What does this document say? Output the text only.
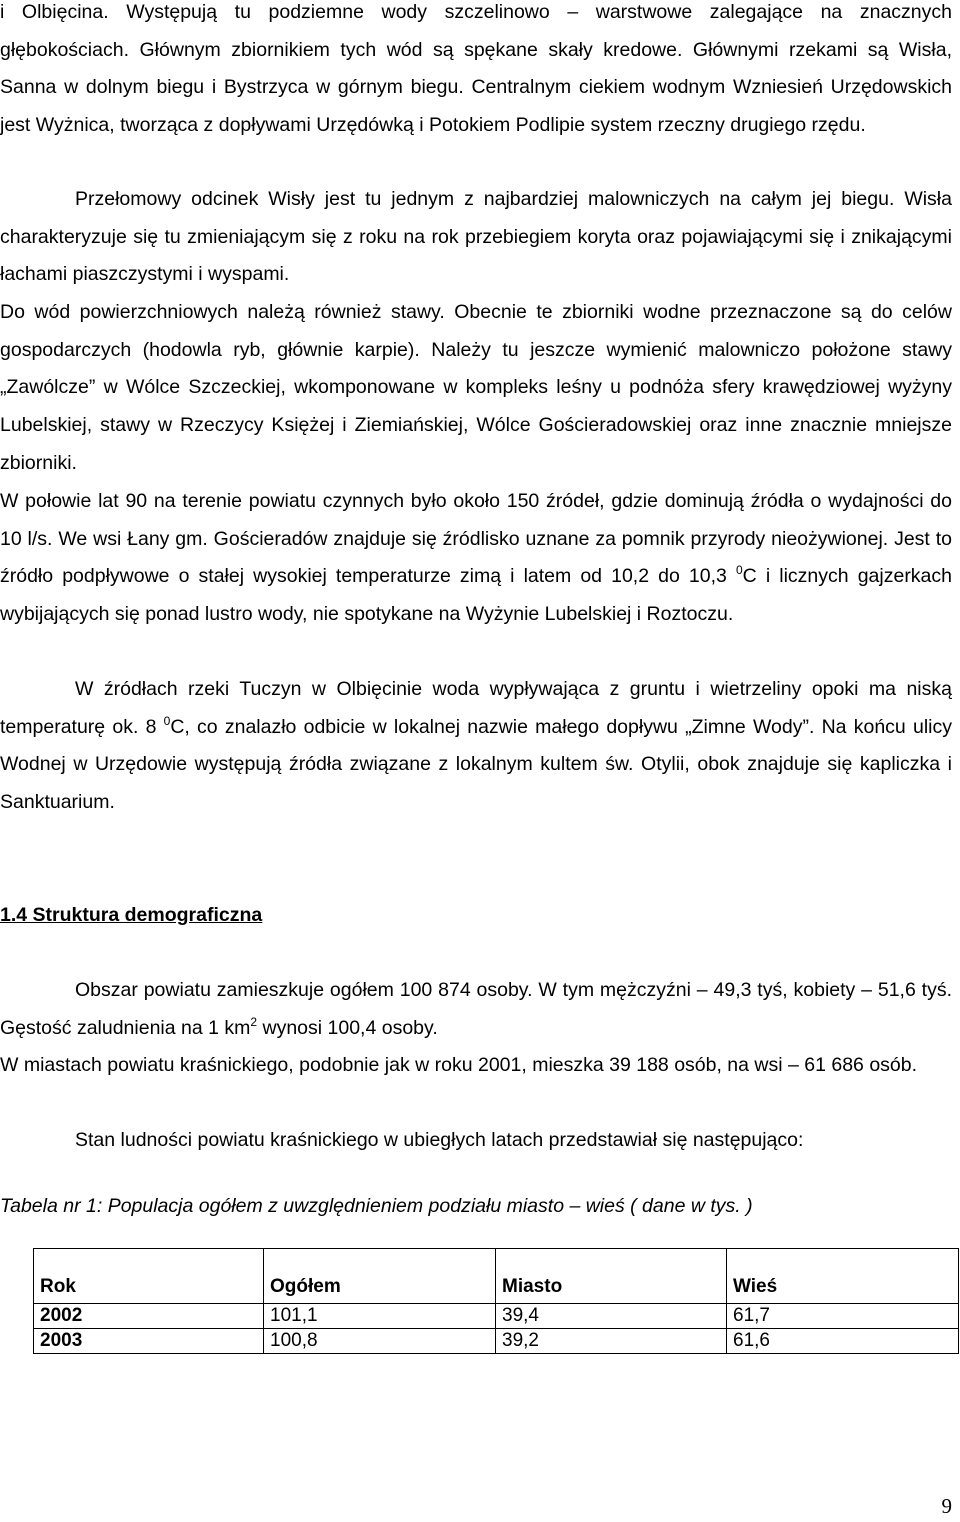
i Olbięcina. Występują tu podziemne wody szczelinowo – warstwowe zalegające na znacznych głębokościach. Głównym zbiornikiem tych wód są spękane skały kredowe. Głównymi rzekami są Wisła, Sanna w dolnym biegu i Bystrzyca w górnym biegu. Centralnym ciekiem wodnym Wzniesień Urzędowskich jest Wyżnica, tworząca z dopływami Urzędówką i Potokiem Podlipie system rzeczny drugiego rzędu.

Przełomowy odcinek Wisły jest tu jednym z najbardziej malowniczych na całym jej biegu. Wisła charakteryzuje się tu zmieniającym się z roku na rok przebiegiem koryta oraz pojawiającymi się i znikającymi łachami piaszczystymi i wyspami.

Do wód powierzchniowych należą również stawy. Obecnie te zbiorniki wodne przeznaczone są do celów gospodarczych (hodowla ryb, głównie karpie). Należy tu jeszcze wymienić malowniczo położone stawy „Zawólcze” w Wólce Szczeckiej, wkomponowane w kompleks leśny u podnóża sfery krawędziowej wyżyny Lubelskiej, stawy w Rzeczycy Księżej i Ziemiańskiej, Wólce Gościeradowskiej oraz inne znacznie mniejsze zbiorniki.

W połowie lat 90 na terenie powiatu czynnych było około 150 źródeł, gdzie dominują źródła o wydajności do 10 l/s. We wsi Łany gm. Gościeradów znajduje się źródlisko uznane za pomnik przyrody nieożywionej. Jest to źródło podpływowe o stałej wysokiej temperaturze zimą i latem od 10,2 do 10,3 $^0$C i licznych gajzerkach wybijających się ponad lustro wody, nie spotykane na Wyżynie Lubelskiej i Roztoczu.

W źródłach rzeki Tuczyn w Olbięcinie woda wypływająca z gruntu i wietrzeliny opoki ma niską temperaturę ok. 8 $^0$C, co znalazło odbicie w lokalnej nazwie małego dopływu „Zimne Wody”. Na końcu ulicy Wodnej w Urzędowie występują źródła związane z lokalnym kultem św. Otylii, obok znajduje się kapliczka i Sanktuarium.

1.4 Struktura demograficzna

Obszar powiatu zamieszkuje ogółem 100 874 osoby. W tym mężczyźni – 49,3 tyś, kobiety – 51,6 tyś. Gęstość zaludnienia na 1 $km^2$ wynosi 100,4 osoby.

W miastach powiatu kraśnickiego, podobnie jak w roku 2001, mieszka 39 188 osób, na wsi – 61 686 osób.

Stan ludności powiatu kraśnickiego w ubiegłych latach przedstawiał się następująco:

Tabela nr 1: Populacja ogółem z uwzględnieniem podziału miasto – wieś ( dane w tys. )

Rok	Ogółem	Miasto	Wieś
2002	101,1	39,4	61,7
2003	100,8	39,2	61,6
9
